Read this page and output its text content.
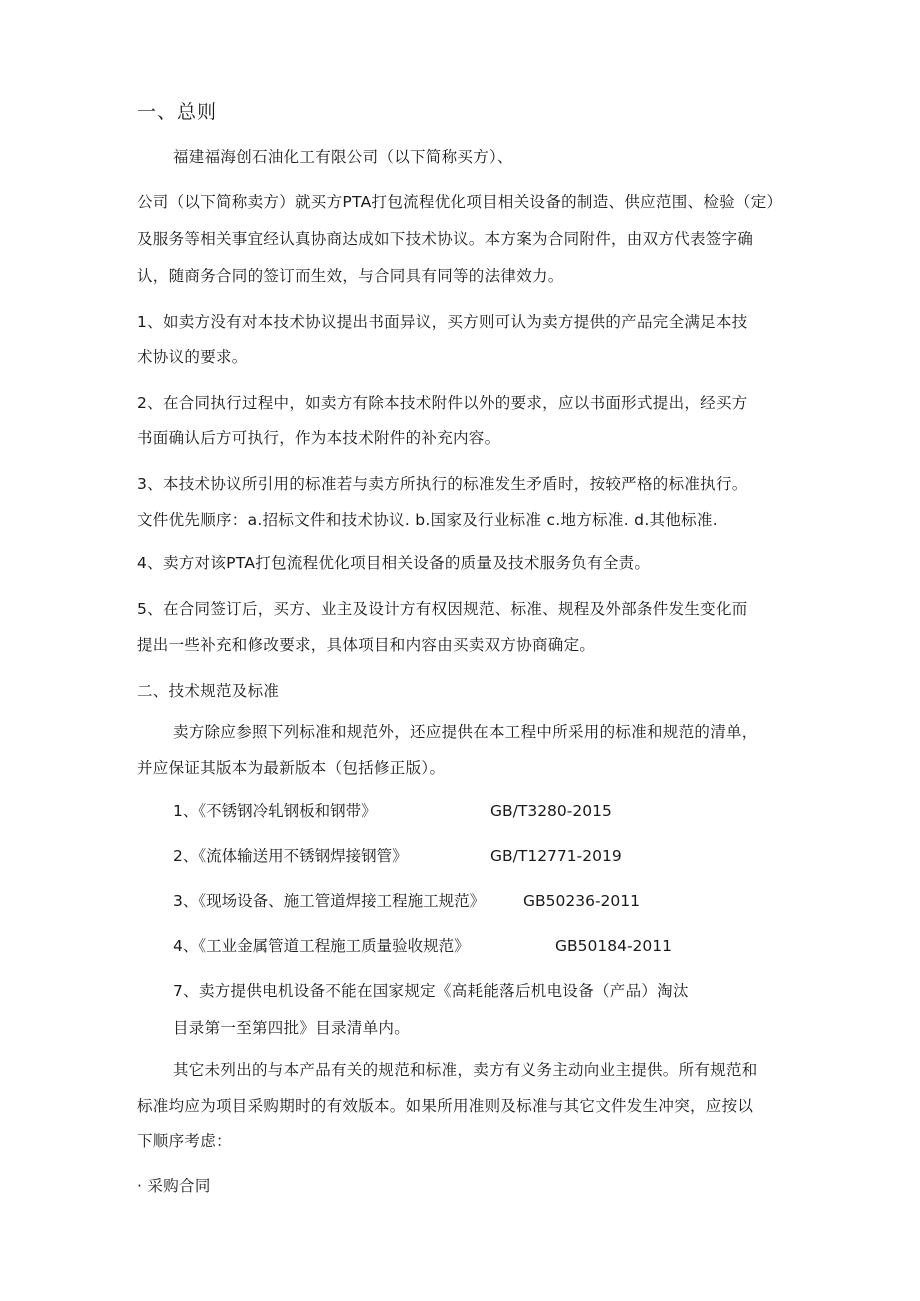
一、总则
福建福海创石油化工有限公司（以下简称买方）、
公司（以下简称卖方）就买方PTA打包流程优化项目相关设备的制造、供应范围、检验（定）
及服务等相关事宜经认真协商达成如下技术协议。本方案为合同附件，由双方代表签字确
认，随商务合同的签订而生效，与合同具有同等的法律效力。
1、如卖方没有对本技术协议提出书面异议，买方则可认为卖方提供的产品完全满足本技
术协议的要求。
2、在合同执行过程中，如卖方有除本技术附件以外的要求，应以书面形式提出，经买方
书面确认后方可执行，作为本技术附件的补充内容。
3、本技术协议所引用的标准若与卖方所执行的标准发生矛盾时，按较严格的标准执行。
文件优先顺序：a.招标文件和技术协议. b.国家及行业标准 c.地方标准. d.其他标准.
4、卖方对该PTA打包流程优化项目相关设备的质量及技术服务负有全责。
5、在合同签订后，买方、业主及设计方有权因规范、标准、规程及外部条件发生变化而
提出一些补充和修改要求，具体项目和内容由买卖双方协商确定。
二、技术规范及标准
卖方除应参照下列标准和规范外，还应提供在本工程中所采用的标准和规范的清单，
并应保证其版本为最新版本（包括修正版）。
1、《不锈钢冷轧钢板和钢带》	GB/T3280-2015
2、《流体输送用不锈钢焊接钢管》	GB/T12771-2019
3、《现场设备、施工管道焊接工程施工规范》 GB50236-2011
4、《工业金属管道工程施工质量验收规范》	GB50184-2011
7、卖方提供电机设备不能在国家规定《高耗能落后机电设备（产品）淘汰
目录第一至第四批》目录清单内。
其它未列出的与本产品有关的规范和标准，卖方有义务主动向业主提供。所有规范和
标准均应为项目采购期时的有效版本。如果所用准则及标准与其它文件发生冲突，应按以
下顺序考虑：
· 采购合同
